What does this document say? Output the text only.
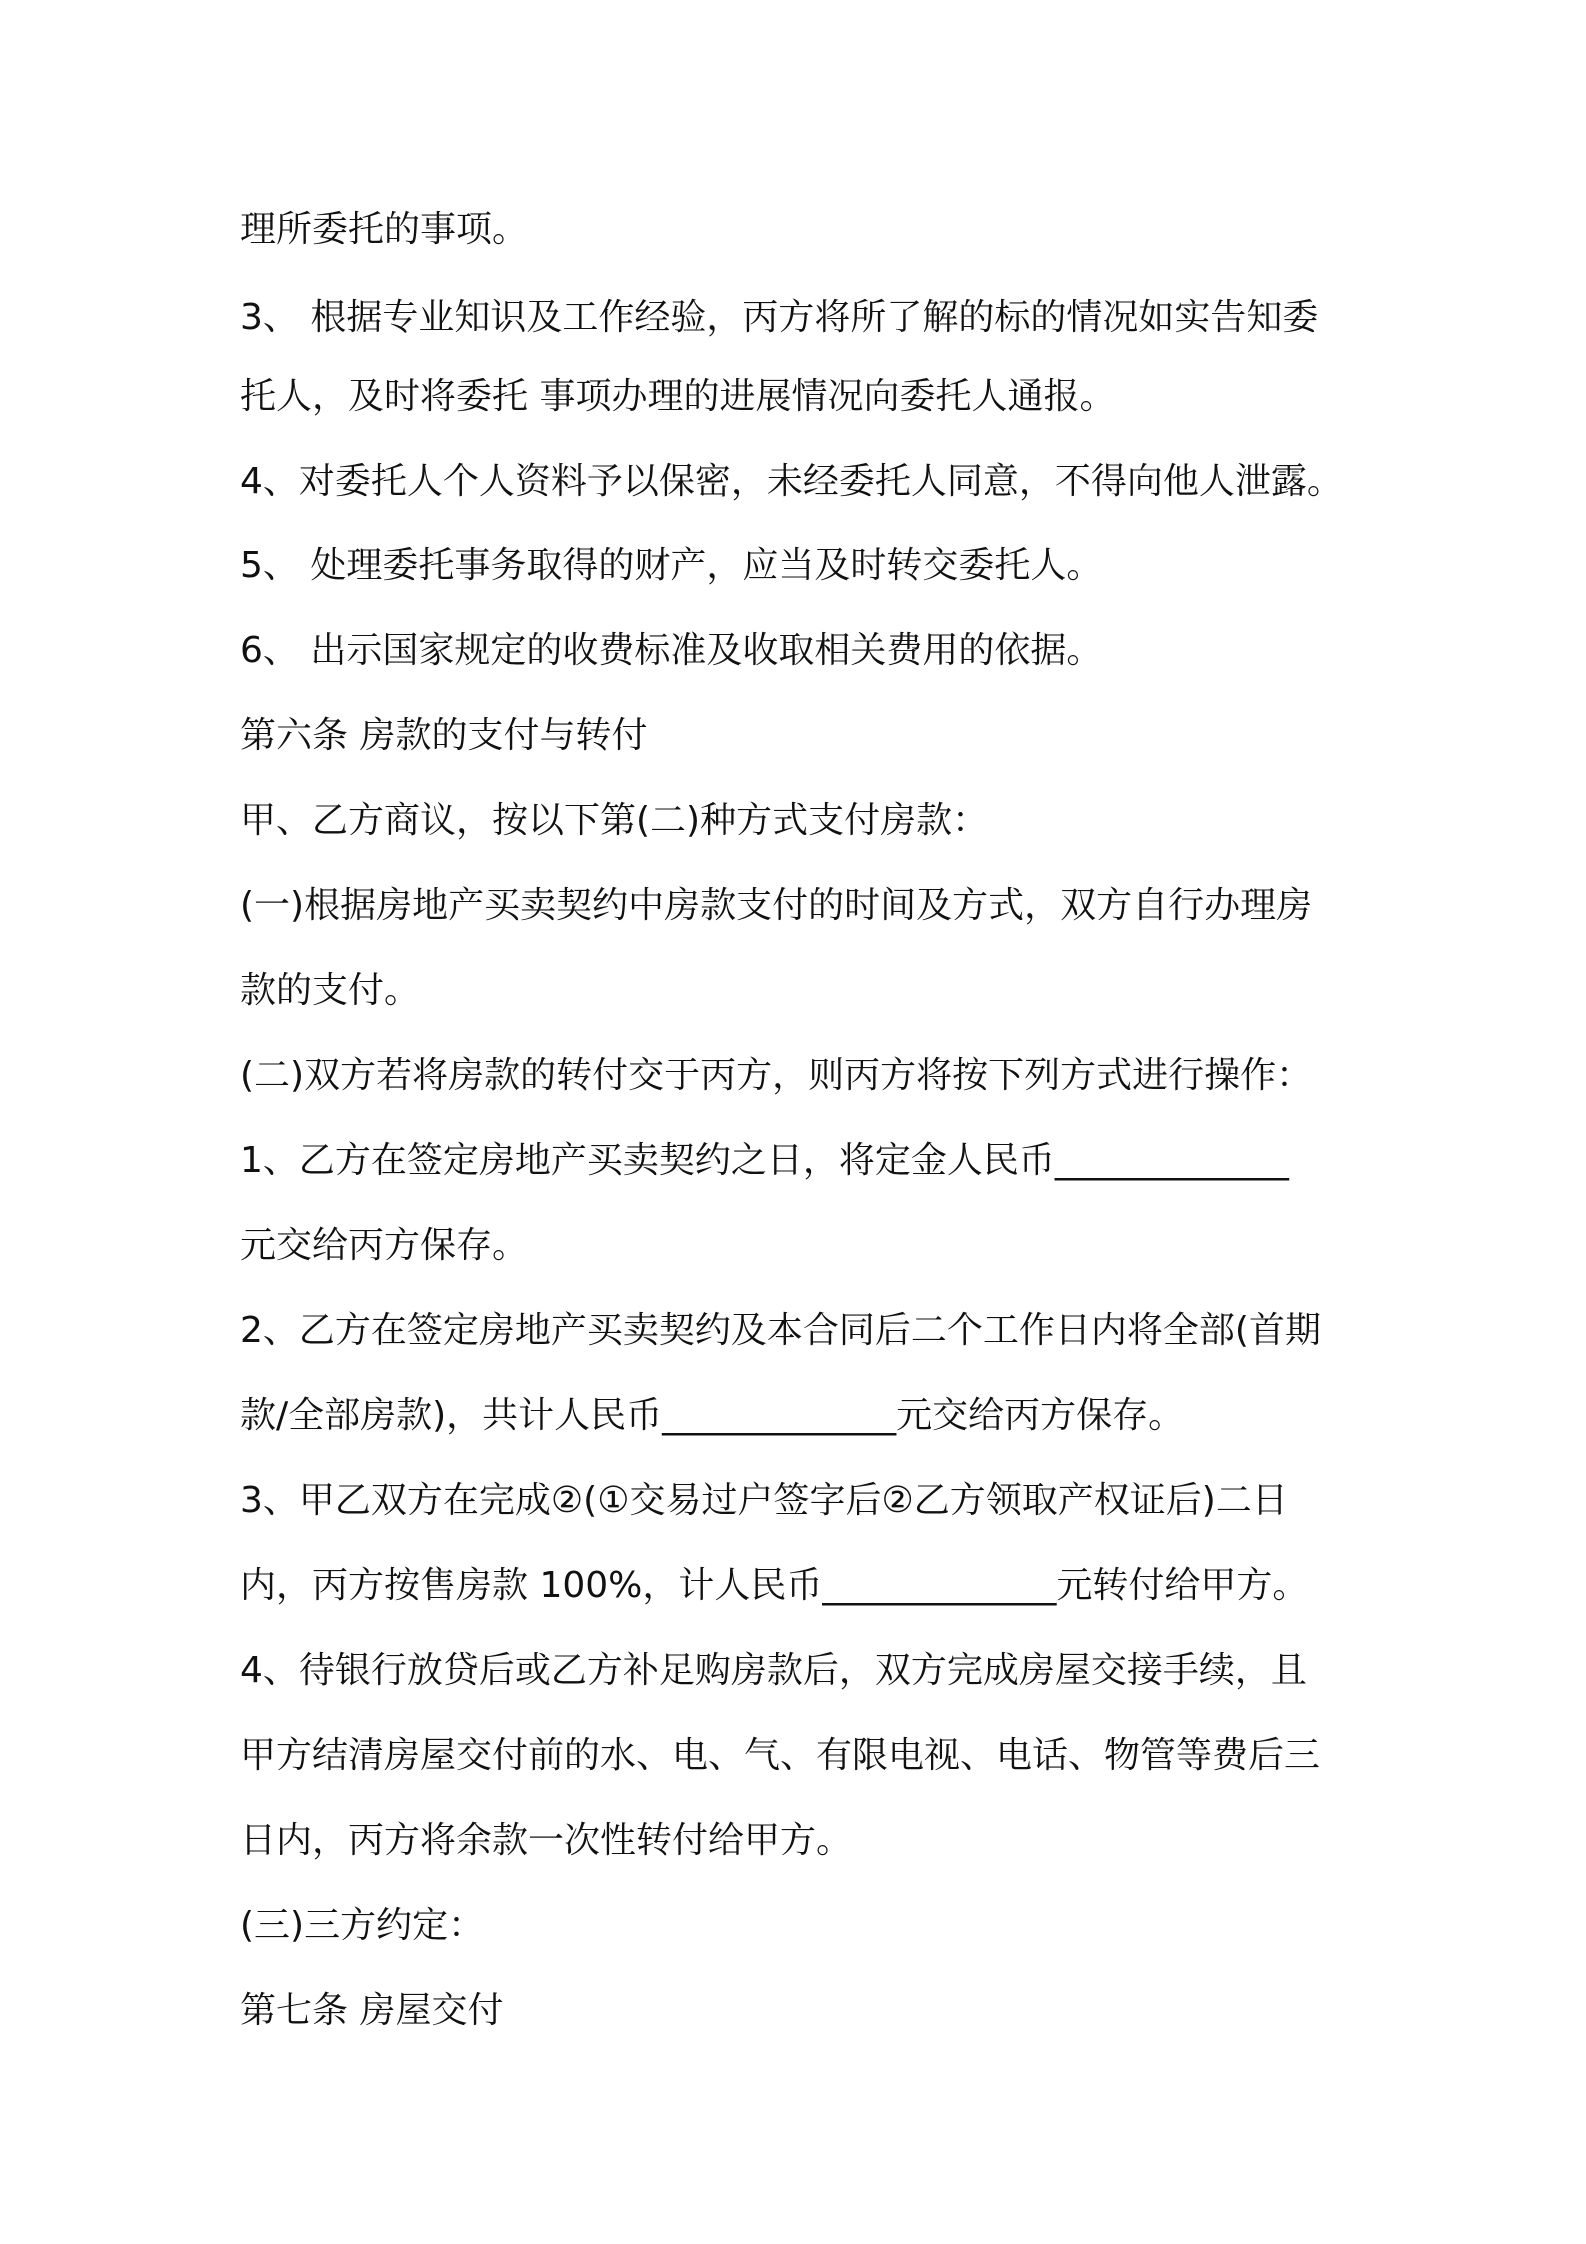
理所委托的事项。
3、 根据专业知识及工作经验，丙方将所了解的标的情况如实告知委
托人，及时将委托 事项办理的进展情况向委托人通报。
4、对委托人个人资料予以保密，未经委托人同意，不得向他人泄露。
5、 处理委托事务取得的财产，应当及时转交委托人。
6、 出示国家规定的收费标准及收取相关费用的依据。
第六条 房款的支付与转付
甲、乙方商议，按以下第(二)种方式支付房款：
(一)根据房地产买卖契约中房款支付的时间及方式，双方自行办理房
款的支付。
(二)双方若将房款的转付交于丙方，则丙方将按下列方式进行操作：
1、乙方在签定房地产买卖契约之日，将定金人民币_____________
元交给丙方保存。
2、乙方在签定房地产买卖契约及本合同后二个工作日内将全部(首期
款/全部房款)，共计人民币_____________元交给丙方保存。
3、甲乙双方在完成②(①交易过户签字后②乙方领取产权证后)二日
内，丙方按售房款 100%，计人民币_____________元转付给甲方。
4、待银行放贷后或乙方补足购房款后，双方完成房屋交接手续，且
甲方结清房屋交付前的水、电、气、有限电视、电话、物管等费后三
日内，丙方将余款一次性转付给甲方。
(三)三方约定：
第七条 房屋交付
